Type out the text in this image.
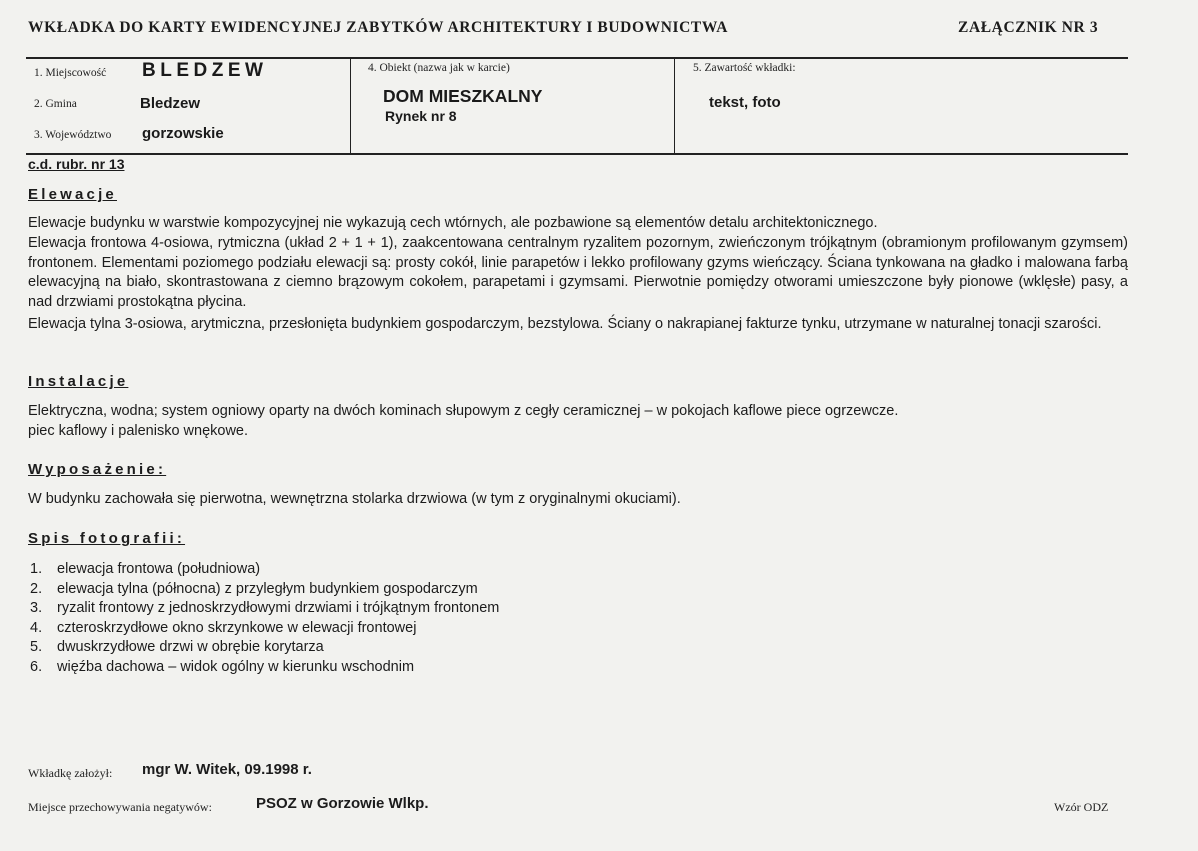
WKŁADKA DO KARTY EWIDENCYJNEJ ZABYTKÓW ARCHITEKTURY I BUDOWNICTWA	ZAŁĄCZNIK NR 3
1. Miejscowość BLEDZEW
2. Gmina	Bledzew
3. Województwo gorzowskie
4. Obiekt (nazwa jak w karcie)
DOM MIESZKALNY
Rynek nr 8
5. Zawartość wkładki:
tekst, foto
c.d. rubr. nr 13
Elewacje

Elewacje budynku w warstwie kompozycyjnej nie wykazują cech wtórnych, ale pozbawione są elementów detalu architektonicznego.

Elewacja frontowa 4-osiowa, rytmiczna (układ 2 + 1 + 1), zaakcentowana centralnym ryzalitem pozornym, zwieńczonym trójkątnym (obramionym profilowanym gzymsem) frontonem. Elementami poziomego podziału elewacji są: prosty cokół, linie parapetów i lekko profilowany gzyms wieńczący. Ściana tynkowana na gładko i malowana farbą elewacyjną na biało, skontrastowana z ciemno brązowym cokołem, parapetami i gzymsami. Pierwotnie pomiędzy otworami umieszczone były pionowe (wklęsłe) pasy, a nad drzwiami prostokątna płycina.

Elewacja tylna 3-osiowa, arytmiczna, przesłonięta budynkiem gospodarczym, bezstylowa. Ściany o nakrapianej fakturze tynku, utrzymane w naturalnej tonacji szarości.

Instalacje

Elektryczna, wodna; system ogniowy oparty na dwóch kominach słupowym z cegły ceramicznej – w pokojach kaflowe piece ogrzewcze.

piec kaflowy i palenisko wnękowe.

Wyposażenie:

W budynku zachowała się pierwotna, wewnętrzna stolarka drzwiowa (w tym z oryginalnymi okuciami).

Spis fotografii:
1. elewacja frontowa (południowa)
2. elewacja tylna (północna) z przyległym budynkiem gospodarczym
3. ryzalit frontowy z jednoskrzydłowymi drzwiami i trójkątnym frontonem
4. czteroskrzydłowe okno skrzynkowe w elewacji frontowej
5. dwuskrzydłowe drzwi w obrębie korytarza
6. więźba dachowa – widok ogólny w kierunku wschodnim
Wkładkę założył: mgr W. Witek, 09.1998 r.
Miejsce przechowywania negatywów:	PSOZ w Gorzowie Wlkp.	Wzór ODZ
